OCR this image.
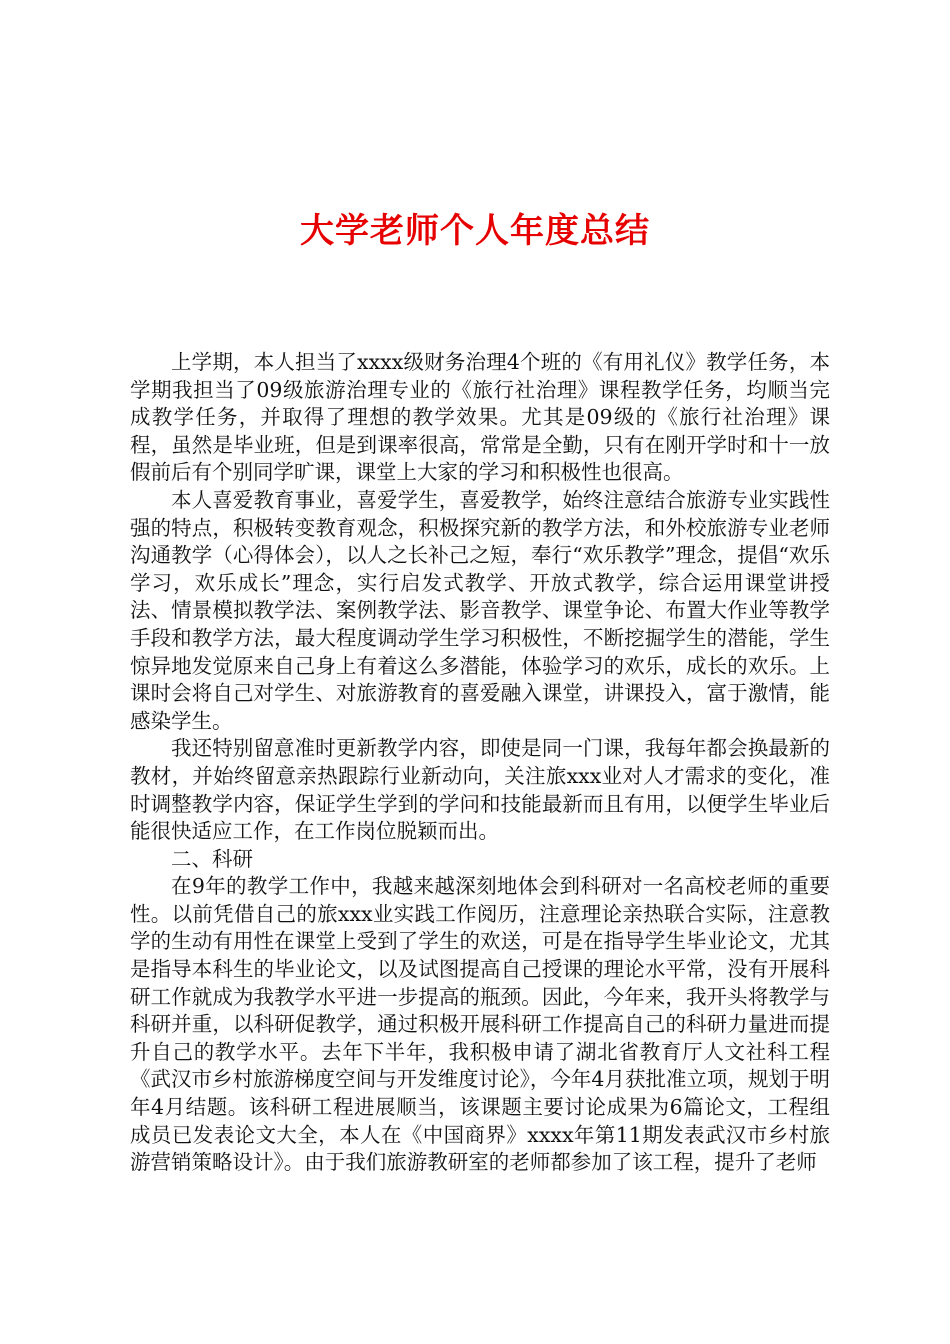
大学老师个人年度总结

上学期，本人担当了xxxx级财务治理4个班的《有用礼仪》教学任务，本学期我担当了09级旅游治理专业的《旅行社治理》课程教学任务，均顺当完成教学任务，并取得了理想的教学效果。尤其是09级的《旅行社治理》课程，虽然是毕业班，但是到课率很高，常常是全勤，只有在刚开学时和十一放假前后有个别同学旷课，课堂上大家的学习和积极性也很高。

本人喜爱教育事业，喜爱学生，喜爱教学，始终注意结合旅游专业实践性强的特点，积极转变教育观念，积极探究新的教学方法，和外校旅游专业老师沟通教学（心得体会），以人之长补己之短，奉行“欢乐教学”理念，提倡“欢乐学习，欢乐成长”理念，实行启发式教学、开放式教学，综合运用课堂讲授法、情景模拟教学法、案例教学法、影音教学、课堂争论、布置大作业等教学手段和教学方法，最大程度调动学生学习积极性，不断挖掘学生的潜能，学生惊异地发觉原来自己身上有着这么多潜能，体验学习的欢乐，成长的欢乐。上课时会将自己对学生、对旅游教育的喜爱融入课堂，讲课投入，富于激情，能感染学生。

我还特别留意准时更新教学内容，即使是同一门课，我每年都会换最新的教材，并始终留意亲热跟踪行业新动向，关注旅xxx业对人才需求的变化，准时调整教学内容，保证学生学到的学问和技能最新而且有用，以便学生毕业后能很快适应工作，在工作岗位脱颖而出。

二、科研

在9年的教学工作中，我越来越深刻地体会到科研对一名高校老师的重要性。以前凭借自己的旅xxx业实践工作阅历，注意理论亲热联合实际，注意教学的生动有用性在课堂上受到了学生的欢送，可是在指导学生毕业论文，尤其是指导本科生的毕业论文，以及试图提高自己授课的理论水平常，没有开展科研工作就成为我教学水平进一步提高的瓶颈。因此，今年来，我开头将教学与科研并重，以科研促教学，通过积极开展科研工作提高自己的科研力量进而提升自己的教学水平。去年下半年，我积极申请了湖北省教育厅人文社科工程《武汉市乡村旅游梯度空间与开发维度讨论》，今年4月获批准立项，规划于明年4月结题。该科研工程进展顺当，该课题主要讨论成果为6篇论文，工程组成员已发表论文大全，本人在《中国商界》xxxx年第11期发表武汉市乡村旅游营销策略设计》。由于我们旅游教研室的老师都参加了该工程，提升了老师
